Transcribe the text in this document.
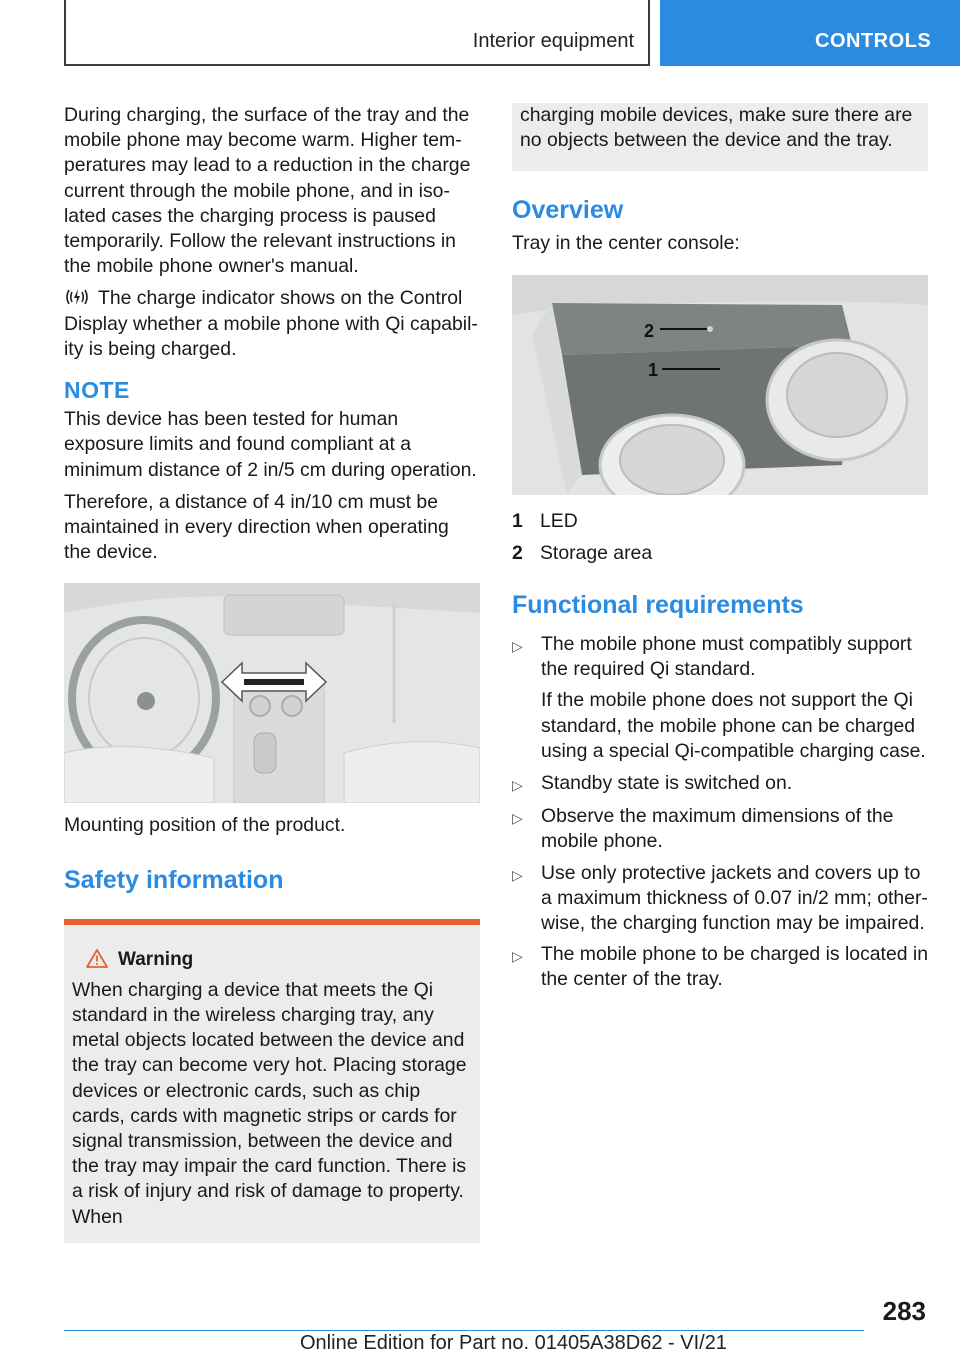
Interior equipment	CONTROLS

During charging, the surface of the tray and the mobile phone may become warm. Higher temperatures may lead to a reduction in the charge current through the mobile phone, and in isolated cases the charging process is paused temporarily. Follow the relevant instructions in the mobile phone owner's manual.

The charge indicator shows on the Control Display whether a mobile phone with Qi capability is being charged.

NOTE

This device has been tested for human exposure limits and found compliant at a minimum distance of 2 in/5 cm during operation.

Therefore, a distance of 4 in/10 cm must be maintained in every direction when operating the device.

Mounting position of the product.

Safety information
Warning

When charging a device that meets the Qi standard in the wireless charging tray, any metal objects located between the device and the tray can become very hot. Placing storage devices or electronic cards, such as chip cards, cards with magnetic strips or cards for signal transmission, between the device and the tray may impair the card function. There is a risk of injury and risk of damage to property. When

charging mobile devices, make sure there are no objects between the device and the tray.

Overview

Tray in the center console:

2
1
1 LED
2 Storage area
Functional requirements
▷ The mobile phone must compatibly support the required Qi standard.

If the mobile phone does not support the Qi standard, the mobile phone can be charged using a special Qi-compatible charging case.

▷ Standby state is switched on.
▷ Observe the maximum dimensions of the mobile phone.
▷ Use only protective jackets and covers up to a maximum thickness of 0.07 in/2 mm; otherwise, the charging function may be impaired.
▷ The mobile phone to be charged is located in the center of the tray.
283
Online Edition for Part no. 01405A38D62 - VI/21
